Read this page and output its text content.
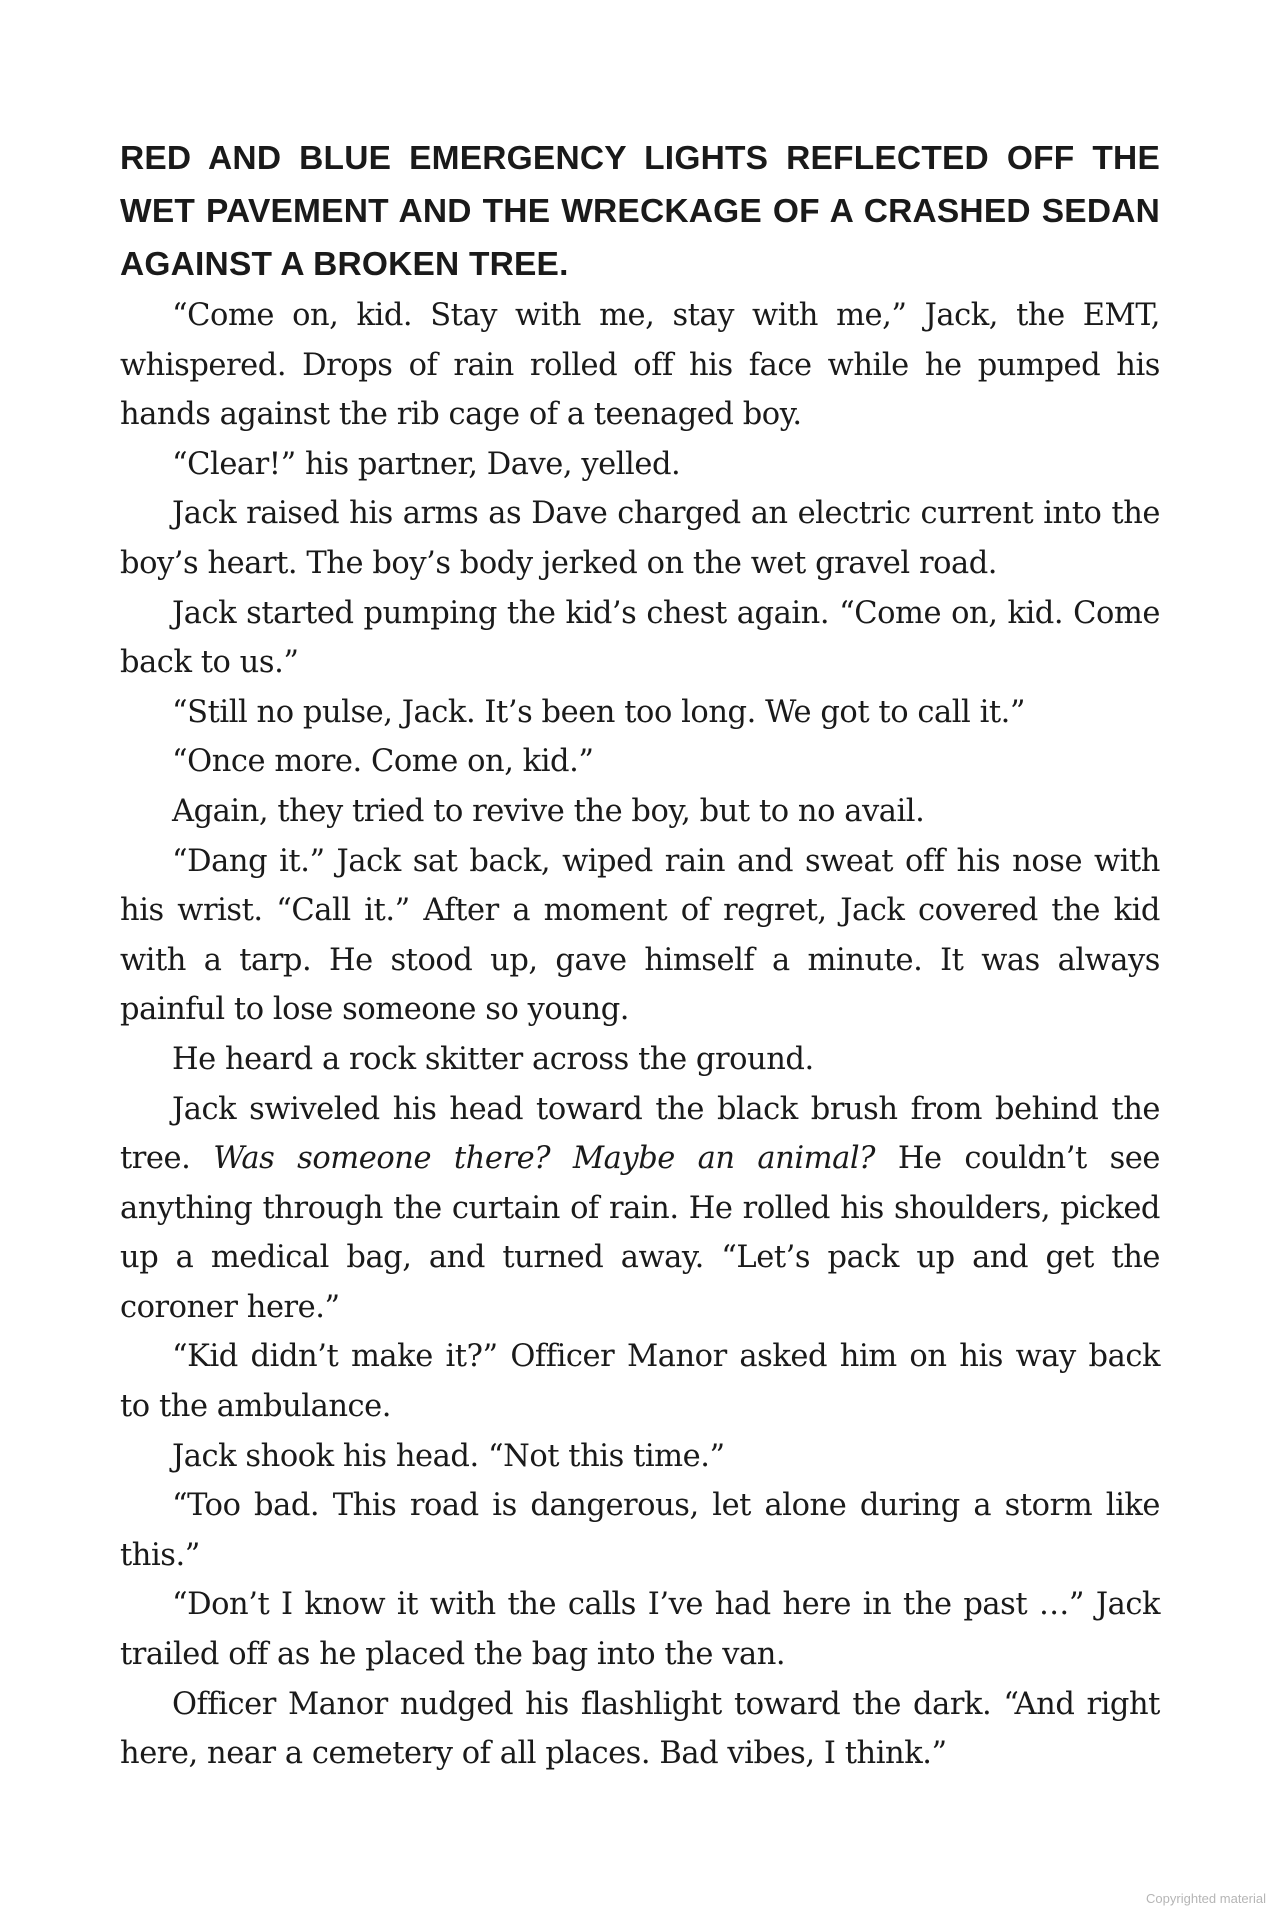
RED AND BLUE EMERGENCY LIGHTS REFLECTED OFF THE WET PAVEMENT AND THE WRECKAGE OF A CRASHED SEDAN AGAINST A BROKEN TREE.

“Come on, kid. Stay with me, stay with me,” Jack, the EMT, whispered. Drops of rain rolled off his face while he pumped his hands against the rib cage of a teenaged boy.

“Clear!” his partner, Dave, yelled.

Jack raised his arms as Dave charged an electric current into the boy’s heart. The boy’s body jerked on the wet gravel road.

Jack started pumping the kid’s chest again. “Come on, kid. Come back to us.”

“Still no pulse, Jack. It’s been too long. We got to call it.”

“Once more. Come on, kid.”

Again, they tried to revive the boy, but to no avail.

“Dang it.” Jack sat back, wiped rain and sweat off his nose with his wrist. “Call it.” After a moment of regret, Jack covered the kid with a tarp. He stood up, gave himself a minute. It was always painful to lose someone so young.

He heard a rock skitter across the ground.

Jack swiveled his head toward the black brush from behind the tree. Was someone there? Maybe an animal? He couldn’t see anything through the curtain of rain. He rolled his shoulders, picked up a medical bag, and turned away. “Let’s pack up and get the coroner here.”

“Kid didn’t make it?” Officer Manor asked him on his way back to the ambulance.

Jack shook his head. “Not this time.”

“Too bad. This road is dangerous, let alone during a storm like this.”

“Don’t I know it with the calls I’ve had here in the past …” Jack trailed off as he placed the bag into the van.

Officer Manor nudged his flashlight toward the dark. “And right here, near a cemetery of all places. Bad vibes, I think.”

Copyrighted material
